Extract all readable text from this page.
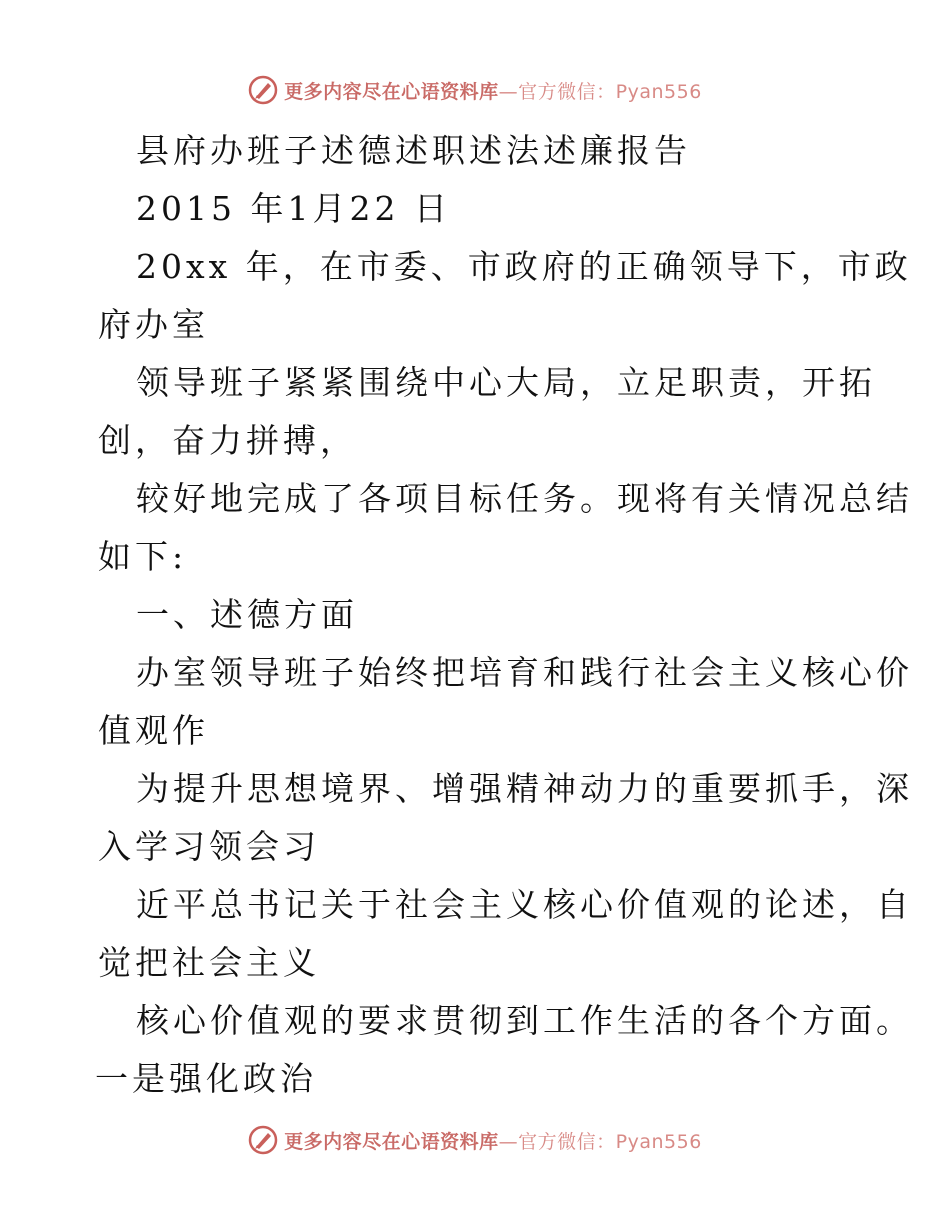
更多内容尽在心语资料库—官方微信：Pyan556
县府办班子述德述职述法述廉报告
2015 年1月22 日
20xx 年，在市委、市政府的正确领导下，市政
府办室
领导班子紧紧围绕中心大局，立足职责，开拓
创，奋力拼搏，
较好地完成了各项目标任务。现将有关情况总结
如下:
一、述德方面
办室领导班子始终把培育和践行社会主义核心价
值观作
为提升思想境界、增强精神动力的重要抓手，深
入学习领会习
近平总书记关于社会主义核心价值观的论述，自
觉把社会主义
核心价值观的要求贯彻到工作生活的各个方面。
一是强化政治
更多内容尽在心语资料库—官方微信：Pyan556
